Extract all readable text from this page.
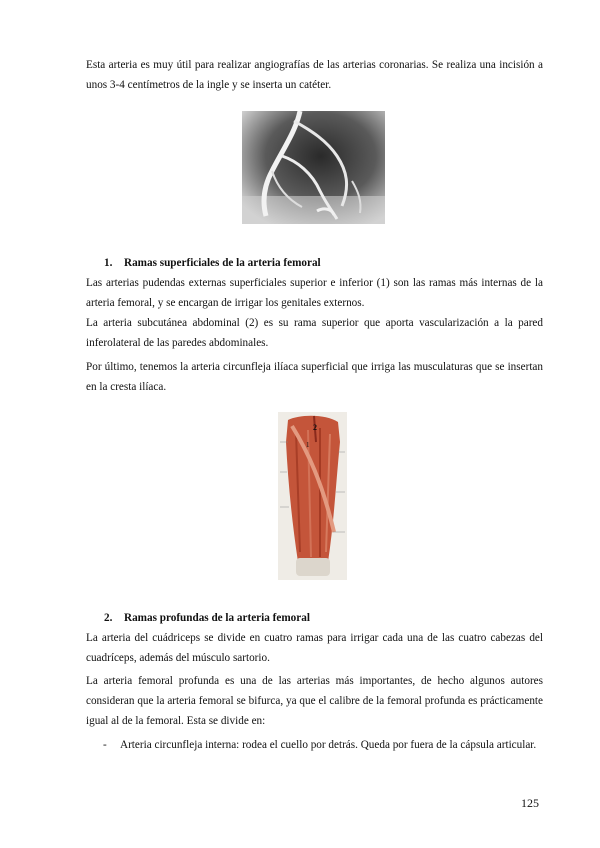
Esta arteria es muy útil para realizar angiografías de las arterias coronarias. Se realiza una incisión a unos 3-4 centímetros de la ingle y se inserta un catéter.

1. Ramas superficiales de la arteria femoral

Las arterias pudendas externas superficiales superior e inferior (1) son las ramas más internas de la arteria femoral, y se encargan de irrigar los genitales externos.

La arteria subcutánea abdominal (2) es su rama superior que aporta vascularización a la pared inferolateral de las paredes abdominales.

Por último, tenemos la arteria circunfleja ilíaca superficial que irriga las musculaturas que se insertan en la cresta ilíaca.

2
1

2. Ramas profundas de la arteria femoral

La arteria del cuádriceps se divide en cuatro ramas para irrigar cada una de las cuatro cabezas del cuadríceps, además del músculo sartorio.

La arteria femoral profunda es una de las arterias más importantes, de hecho algunos autores consideran que la arteria femoral se bifurca, ya que el calibre de la femoral profunda es prácticamente igual al de la femoral. Esta se divide en:

- Arteria circunfleja interna: rodea el cuello por detrás. Queda por fuera de la cápsula articular.
125
